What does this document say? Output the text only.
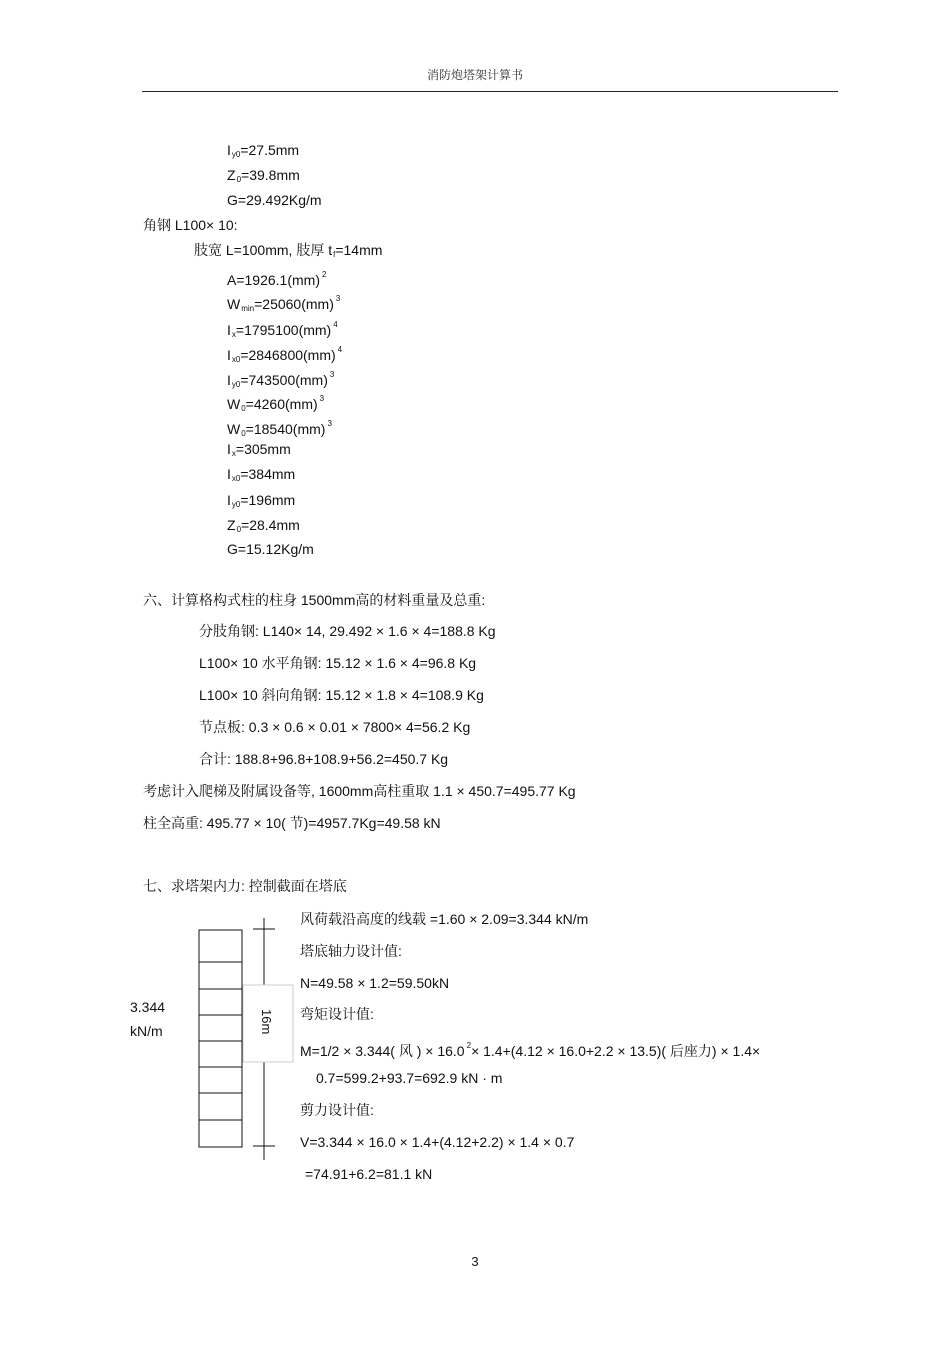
消防炮塔架计算书
$I_{y0}=27.5mm$
$Z_0=39.8mm$
G=29.492Kg/m
角钢 L100× 10:
肢宽 L=100mm, 肢厚 $t_f=14mm$
A=1926.1(mm) $^2$
$W_{min}=25060(mm)$ $^3$
$I_x=1795100(mm)$ $^4$
$I_{x0}=2846800(mm)$ $^4$
$I_{y0}=743500(mm)$ $^3$
$W_0=4260(mm)$ $^3$
$W_0=18540(mm)$ $^3$
$I_x=305mm$
$I_{x0}=384mm$
$I_{y0}=196mm$
$Z_0=28.4mm$
G=15.12Kg/m
六、计算格构式柱的柱身 1500mm高的材料重量及总重:
分肢角钢: L140× 14, 29.492 × 1.6 × 4=188.8 Kg
L100× 10 水平角钢: 15.12 × 1.6 × 4=96.8 Kg
L100× 10 斜向角钢: 15.12 × 1.8 × 4=108.9 Kg
节点板: 0.3 × 0.6 × 0.01 × 7800× 4=56.2 Kg
合计: 188.8+96.8+108.9+56.2=450.7 Kg
考虑计入爬梯及附属设备等, 1600mm高柱重取 1.1 × 450.7=495.77 Kg
柱全高重: 495.77 × 10( 节)=4957.7Kg=49.58 kN
七、求塔架内力: 控制截面在塔底
16m
3.344
kN/m
风荷载沿高度的线载 =1.60 × 2.09=3.344 kN/m
塔底轴力设计值:
N=49.58 × 1.2=59.50kN
弯矩设计值:
M=1/2 × 3.344( 风 ) × 16.0 $^2$× 1.4+(4.12 × 16.0+2.2 × 13.5)( 后座力) × 1.4×
0.7=599.2+93.7=692.9 kN · m
剪力设计值:
V=3.344 × 16.0 × 1.4+(4.12+2.2) × 1.4 × 0.7
=74.91+6.2=81.1 kN
3
